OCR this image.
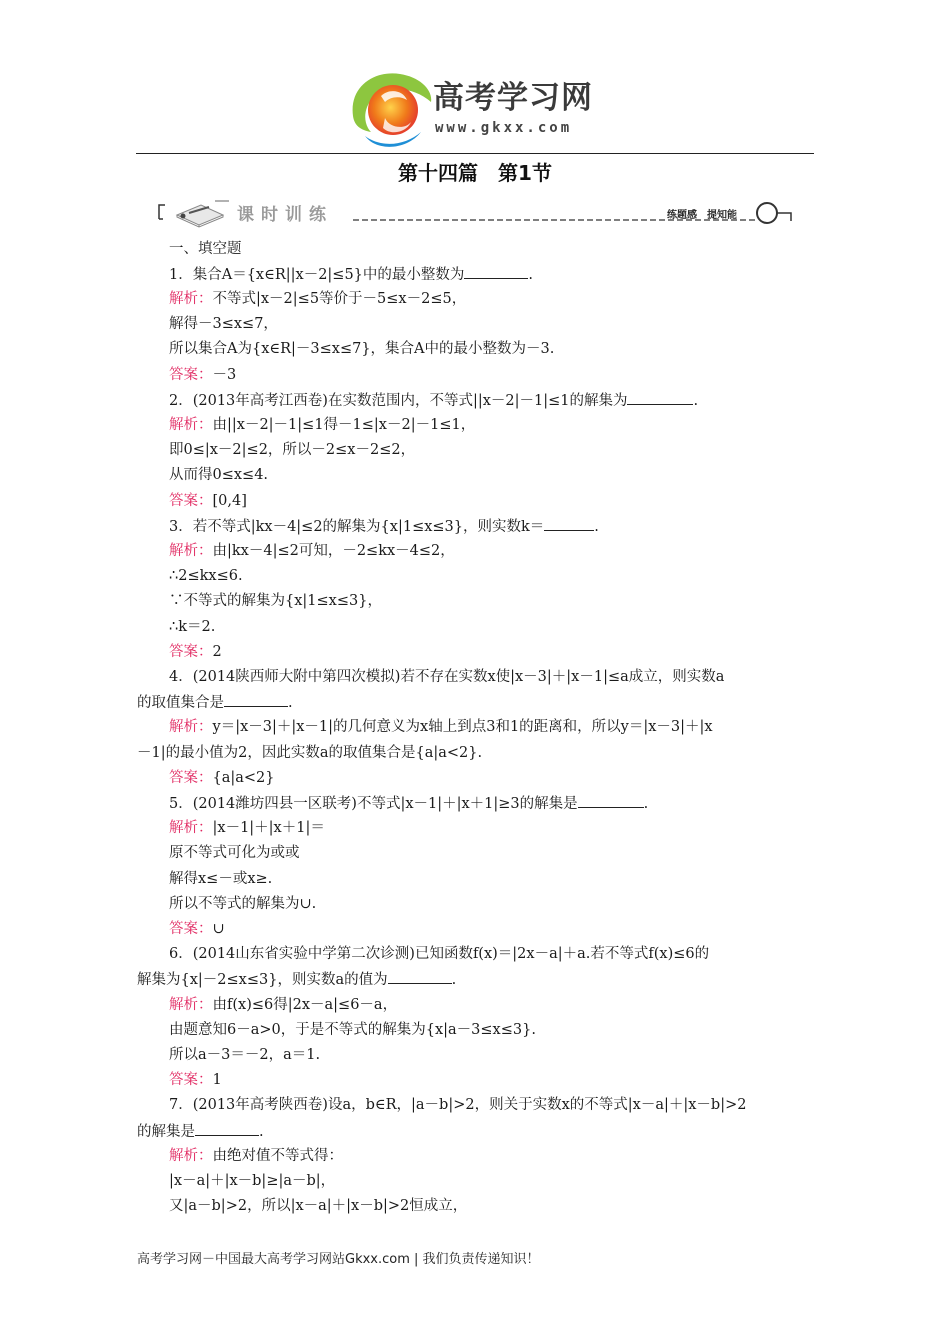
高考学习网
www.gkxx.com
第十四篇　第1节
课时训练	练题感　提知能
一、填空题
1．集合A＝{x∈R||x－2|≤5}中的最小整数为	.
解析：不等式|x－2|≤5等价于－5≤x－2≤5，
解得－3≤x≤7，
所以集合A为{x∈R|－3≤x≤7}，集合A中的最小整数为－3.
答案：－3
2．(2013年高考江西卷)在实数范围内，不等式||x－2|－1|≤1的解集为	.
解析：由||x－2|－1|≤1得－1≤|x－2|－1≤1，
即0≤|x－2|≤2，所以－2≤x－2≤2，
从而得0≤x≤4.
答案：[0,4]
3．若不等式|kx－4|≤2的解集为{x|1≤x≤3}，则实数k＝	.
解析：由|kx－4|≤2可知，－2≤kx－4≤2，
∴2≤kx≤6.
∵不等式的解集为{x|1≤x≤3}，
∴k＝2.
答案：2
4．(2014陕西师大附中第四次模拟)若不存在实数x使|x－3|＋|x－1|≤a成立，则实数a
的取值集合是	.
解析：y＝|x－3|＋|x－1|的几何意义为x轴上到点3和1的距离和，所以y＝|x－3|＋|x
－1|的最小值为2，因此实数a的取值集合是{a|a<2}.
答案：{a|a<2}
5．(2014潍坊四县一区联考)不等式|x－1|＋|x＋1|≥3的解集是	.
解析：|x－1|＋|x＋1|＝
原不等式可化为或或
解得x≤－或x≥.
所以不等式的解集为∪.
答案：∪
6．(2014山东省实验中学第二次诊测)已知函数f(x)＝|2x－a|＋a.若不等式f(x)≤6的
解集为{x|－2≤x≤3}，则实数a的值为	.
解析：由f(x)≤6得|2x－a|≤6－a，
由题意知6－a>0，于是不等式的解集为{x|a－3≤x≤3}.
所以a－3＝－2，a＝1.
答案：1
7．(2013年高考陕西卷)设a，b∈R，|a－b|>2，则关于实数x的不等式|x－a|＋|x－b|>2
的解集是	.
解析：由绝对值不等式得：
|x－a|＋|x－b|≥|a－b|，
又|a－b|>2，所以|x－a|＋|x－b|>2恒成立，
高考学习网－中国最大高考学习网站Gkxx.com | 我们负责传递知识！
